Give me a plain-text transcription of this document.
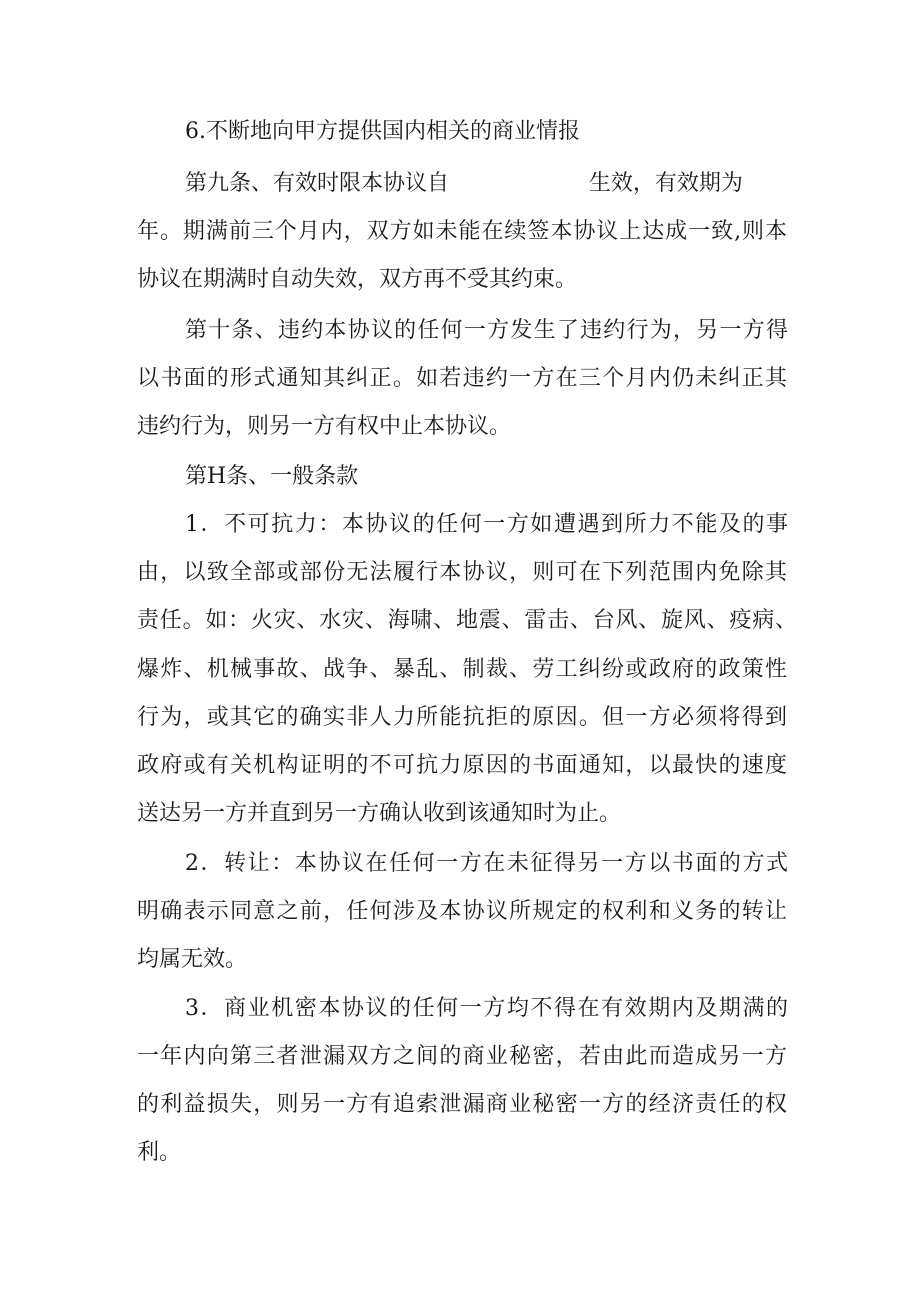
6.不断地向甲方提供国内相关的商业情报

第九条、有效时限本协议自                    生效，有效期为

年。期满前三个月内，双方如未能在续签本协议上达成一致,则本

协议在期满时自动失效，双方再不受其约束。

第十条、违约本协议的任何一方发生了违约行为，另一方得

以书面的形式通知其纠正。如若违约一方在三个月内仍未纠正其

违约行为，则另一方有权中止本协议。

第H条、一般条款

1．不可抗力：本协议的任何一方如遭遇到所力不能及的事

由，以致全部或部份无法履行本协议，则可在下列范围内免除其

责任。如：火灾、水灾、海啸、地震、雷击、台风、旋风、疫病、

爆炸、机械事故、战争、暴乱、制裁、劳工纠纷或政府的政策性

行为，或其它的确实非人力所能抗拒的原因。但一方必须将得到

政府或有关机构证明的不可抗力原因的书面通知，以最快的速度

送达另一方并直到另一方确认收到该通知时为止。

2．转让：本协议在任何一方在未征得另一方以书面的方式

明确表示同意之前，任何涉及本协议所规定的权利和义务的转让

均属无效。

3．商业机密本协议的任何一方均不得在有效期内及期满的

一年内向第三者泄漏双方之间的商业秘密，若由此而造成另一方

的利益损失，则另一方有追索泄漏商业秘密一方的经济责任的权

利。
